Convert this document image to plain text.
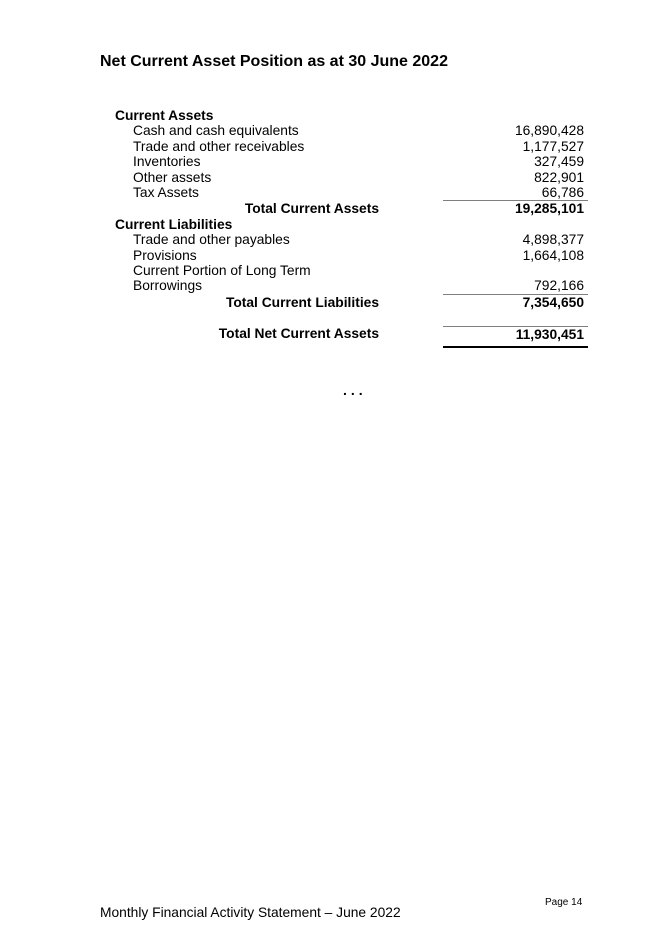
Net Current Asset Position as at 30 June 2022
Current Assets
Cash and cash equivalents	16,890,428
Trade and other receivables	1,177,527
Inventories	327,459
Other assets	822,901
Tax Assets	66,786
Total Current Assets	19,285,101
Current Liabilities
Trade and other payables	4,898,377
Provisions	1,664,108
Current Portion of Long Term
Borrowings	792,166
Total Current Liabilities	7,354,650
Total Net Current Assets	11,930,451
...
Monthly Financial Activity Statement – June 2022
Page 14
